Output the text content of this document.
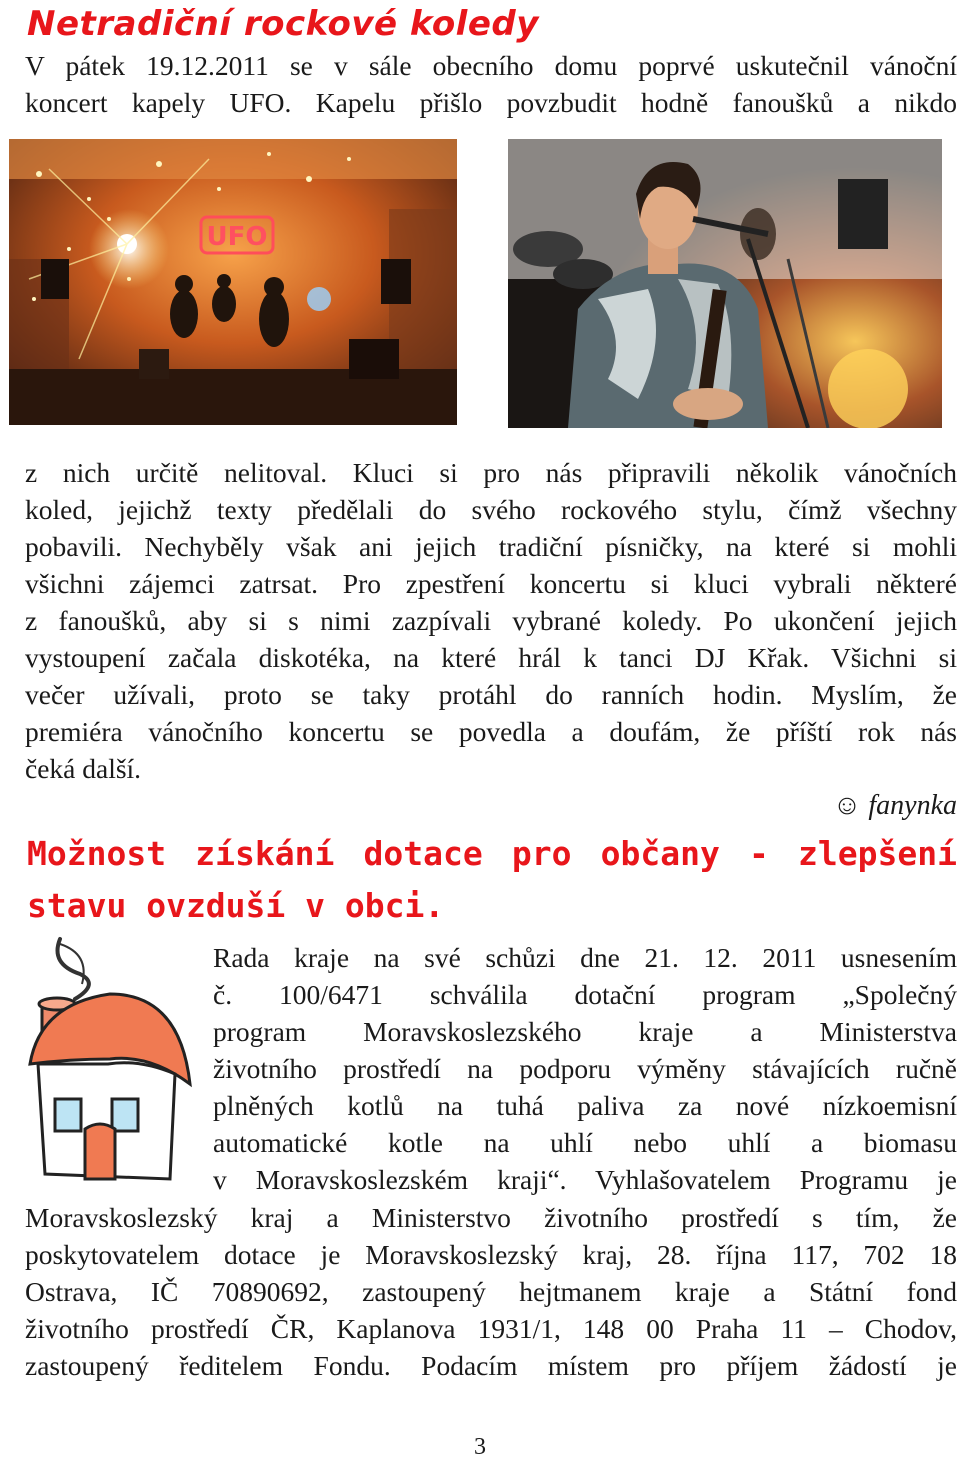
Netradiční rockové koledy
V pátek 19.12.2011 se v sále obecního domu poprvé uskutečnil vánoční
koncert kapely UFO. Kapelu přišlo povzbudit hodně fanoušků a nikdo
UFO
z nich určitě nelitoval. Kluci si pro nás připravili několik vánočních
koled, jejichž texty předělali do svého rockového stylu, čímž všechny
pobavili. Nechyběly však ani jejich tradiční písničky, na které si mohli
všichni zájemci zatrsat. Pro zpestření koncertu si kluci vybrali některé
z fanoušků, aby si s nimi zazpívali vybrané koledy. Po ukončení jejich
vystoupení začala diskotéka, na které hrál k tanci DJ Křak. Všichni si
večer užívali, proto se taky protáhl do ranních hodin. Myslím, že
premiéra vánočního koncertu se povedla a doufám, že příští rok nás
čeká další.
☺ fanynka
Možnost získání dotace pro občany - zlepšení
stavu ovzduší v obci.
Rada kraje na své schůzi dne 21. 12. 2011 usnesením
č. 100/6471 schválila dotační program „Společný
program Moravskoslezského kraje a Ministerstva
životního prostředí na podporu výměny stávajících ručně
plněných kotlů na tuhá paliva za nové nízkoemisní
automatické kotle na uhlí nebo uhlí a biomasu
v Moravskoslezském kraji“. Vyhlašovatelem Programu je
Moravskoslezský kraj a Ministerstvo životního prostředí s tím, že
poskytovatelem dotace je Moravskoslezský kraj, 28. října 117, 702 18
Ostrava, IČ 70890692, zastoupený hejtmanem kraje a Státní fond
životního prostředí ČR, Kaplanova 1931/1, 148 00 Praha 11 – Chodov,
zastoupený ředitelem Fondu. Podacím místem pro příjem žádostí je
3
